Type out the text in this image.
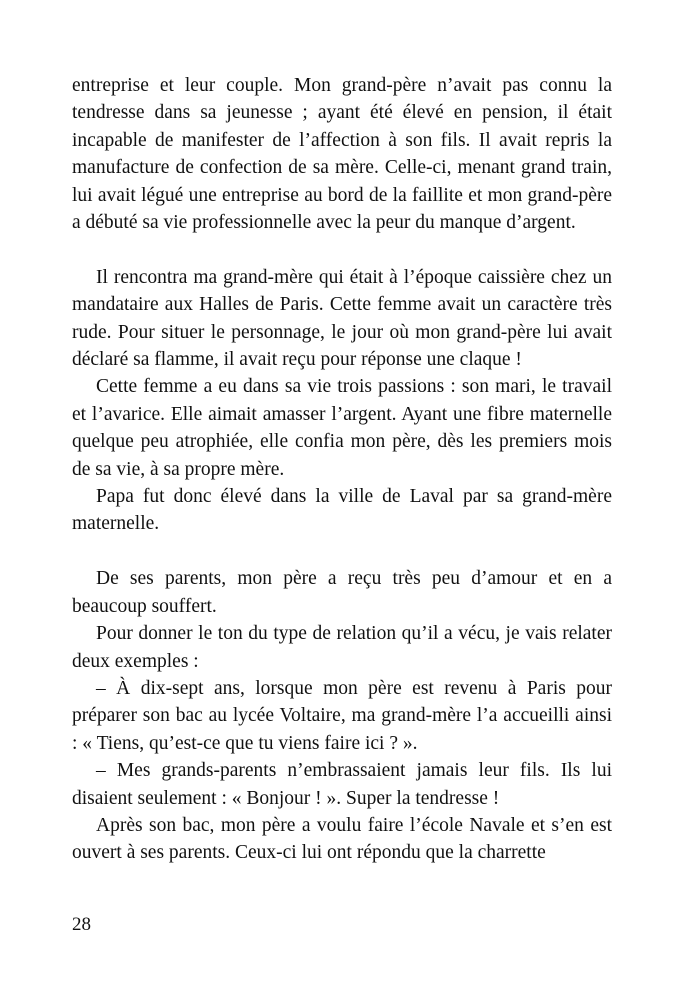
entreprise et leur couple. Mon grand-père n’avait pas connu la tendresse dans sa jeunesse ; ayant été élevé en pension, il était incapable de manifester de l’affection à son fils. Il avait repris la manufacture de confection de sa mère. Celle-ci, menant grand train, lui avait légué une entreprise au bord de la faillite et mon grand-père a débuté sa vie professionnelle avec la peur du manque d’argent.

Il rencontra ma grand-mère qui était à l’époque caissière chez un mandataire aux Halles de Paris. Cette femme avait un caractère très rude. Pour situer le personnage, le jour où mon grand-père lui avait déclaré sa flamme, il avait reçu pour réponse une claque !

Cette femme a eu dans sa vie trois passions : son mari, le travail et l’avarice. Elle aimait amasser l’argent. Ayant une fibre maternelle quelque peu atrophiée, elle confia mon père, dès les premiers mois de sa vie, à sa propre mère.

Papa fut donc élevé dans la ville de Laval par sa grand-mère maternelle.

De ses parents, mon père a reçu très peu d’amour et en a beaucoup souffert.

Pour donner le ton du type de relation qu’il a vécu, je vais relater deux exemples :

– À dix-sept ans, lorsque mon père est revenu à Paris pour préparer son bac au lycée Voltaire, ma grand-mère l’a accueilli ainsi : « Tiens, qu’est-ce que tu viens faire ici ? ».

– Mes grands-parents n’embrassaient jamais leur fils. Ils lui disaient seulement : « Bonjour ! ». Super la tendresse !

Après son bac, mon père a voulu faire l’école Navale et s’en est ouvert à ses parents. Ceux-ci lui ont répondu que la charrette

28
